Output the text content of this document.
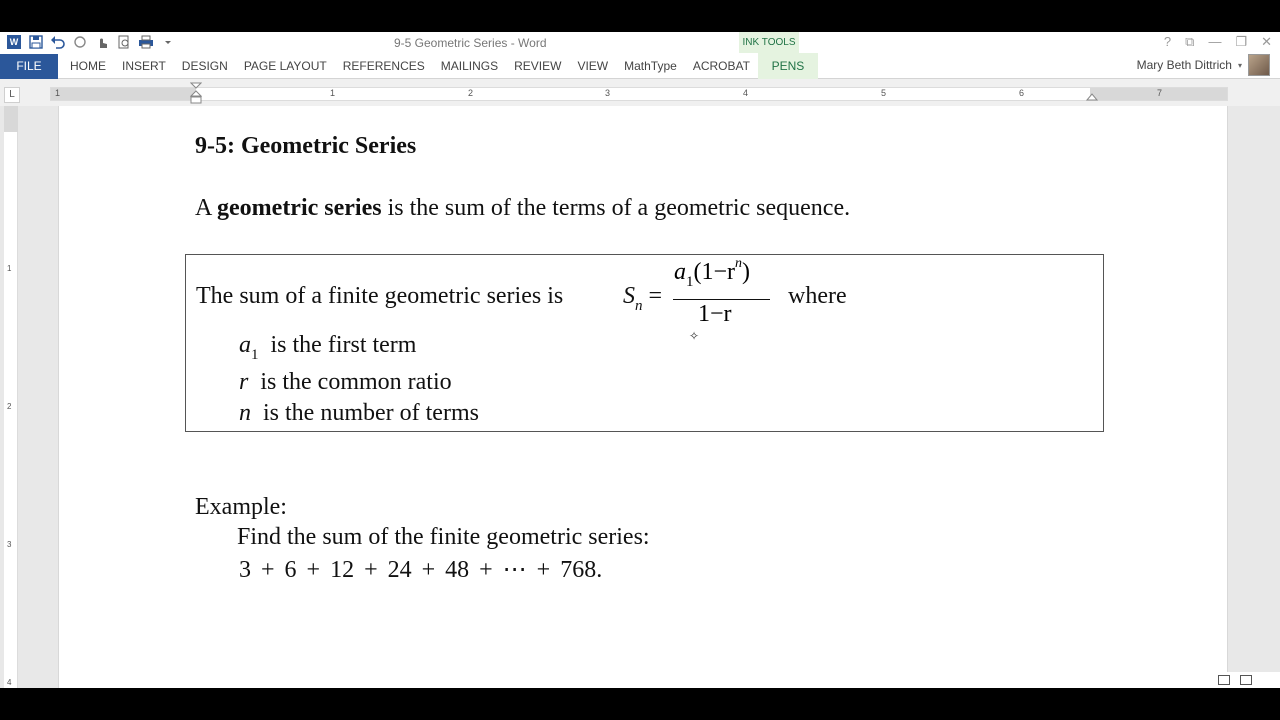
W	9-5 Geometric Series - Word	INK TOOLS	? ⧉ — ❐ ✕
FILE	HOME	INSERT	DESIGN	PAGE LAYOUT	REFERENCES	MAILINGS	REVIEW	VIEW	MathType	ACROBAT	PENS	Mary Beth Dittrich ▾
L	1	1	2	3	4	5	6	7
1
2
3
4
9-5: Geometric Series
A geometric series is the sum of the terms of a geometric sequence.
The sum of a finite geometric series is $S_n$ =
$a_1(1-r^n)$
1−r
where
✧
$a_1$ is the first term
r is the common ratio
n is the number of terms
Example:
Find the sum of the finite geometric series:
3 + 6 + 12 + 24 + 48 + ⋯ + 768.
